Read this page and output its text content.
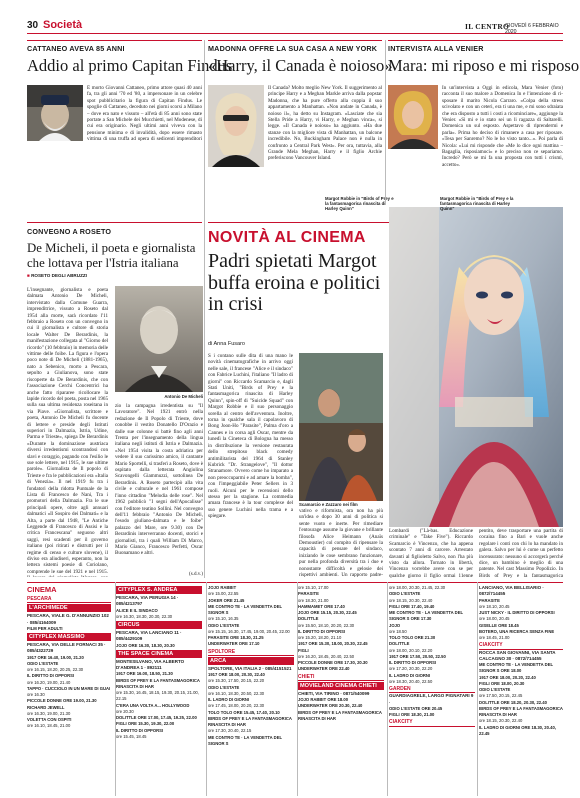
30 Società	IL CENTRO
GIOVEDÌ 6 FEBBRAIO 2020
CATTANEO AVEVA 85 ANNI
Addio al primo Capitan Findus
È morto Giovanni Cattaneo, primo attore quasi 40 anni fa, tra gli anni '70 ed '80, a impersonare in un celebre spot pubblicitario la figura di Capitan Findus. Le spoglie di Cattaneo, deceduto nei giorni scorsi a Milano – dove era nato e vissuto – all'età di 85 anni sono state portate a San Michele dei Mucchietti, nel Modenese, di cui era originario. Negli ultimi anni viveva con la pensione minima e di invalidità, dopo essere rimasto vittima di una truffa ad opera di sedicenti imprenditori
MADONNA OFFRE LA SUA CASA A NEW YORK
«Harry, il Canada è noioso»
Il Canada? Molto meglio New York. Il suggerimento al principe Harry e a Meghan Markle arriva dalla popstar Madonna, che ha pure offerto alla coppia il suo appartamento a Manhattan. «Non andate in Canada, è noioso il», ha detto su Instagram. «Lasciate che sia Stella Pride a Harry, vi Harry, e Meghan vinca», si legge. «Il Canada è noioso» ha aggiunto. «Ha due stanze con la migliore vista di Manhattan, un balcone incredibile. No, Buckingham Palace non è nulla in confronto a Central Park West». Per ora, tuttavia, alla Grande Mela Meghan, Harry e il figlio Archie preferiscono Vancouver Island.
INTERVISTA ALLA VENIER
Mara: mi riposo e mi risposo
In un'intervista a Oggi in edicola, Mara Venier (foto) racconta il suo malore a Domenica In e l'intenzione di ri-sposare il marito Nicola Carraro. «Colpa della stress scivolato e con un ceteri, era ti una me, e mi sono sdraiata che era disposto a tutti i costi a ricominciare», aggiunge la Venier. «Si mi e io stato sei un li ragazza di Saltarelli. Domenica un sul esposto. Aspettavo di riprendermi e parla». Prima ho deciso di rimanere a casa per riposare. «Tesa per Sanremo? No le ho visto tanto...». Poi parla di Nicola: «Lui mi risponde che «Me lo dice ogni mattina – Bagaglia, risposiamoci» e lo preciso non ce separiamo. Incredo? Però se mi fa una proposta con tutti i crismi, accetto».
CONVEGNO A ROSETO
De Micheli, il poeta e giornalista che lottava per l'Istria italiana
■ ROSETO DEGLI ABRUZZI
L'insegnante, giornalista e poeta dalmata Antonio De Micheli, intervistato dalla Comune Guarra, imprenditrice, vissuto a Roseto dal 1954 alla morte, sarà ricordato l'11 febbraio a Roseto con un convegno in cui il giornalista e cultore di storia locale Walter De Berardinis, la manifestazione collegata al "Giorno del ricordo" (10 febbraio) in memoria delle vittime delle foibe. La figura e l'opera poco note di De Micheli (1881-1965), nato a Sebenico, morto a Pescara, sepolto a Giulianova, sono state riscoperte da De Berardinis, che con l'associazione Cerchi Concentrici ha anche fatto ripararee ricollocare la lapide ricordo del poeta, posta nel 1965 sulla sua ultima residenza roseitana in via Piave. «Giornalista, scrittore e poeta, Antonio De Micheli fu docente di lettere e preside degli Istituti superiori in Dalmazia, Istria, Udine, Parma e Trieste», spiega De Berardinis «Durante la dominazione austriaca diversi irredentismi scontrandosi con slavi e coraggio, pagando con l'esilio le sue sole lettere, nel 1915, le sue ultime parole». Giornalista de Il popolo di Trieste e fra le pubblicazioni era «Italia di Venezia». Il nel 1919 fu tra i fondatori della ridotta Puntuale de la Lista di Francesco de Nani, Tra i promotori della Dalmazia. Fra le sue principali opere, oltre agli annuari dalmatici «Il Sospiro dei Dalmati» e la Alta, a parte dal 1948, "Le Antiche Leggende di Francesco di Assisi e la critica Francescana" seguono altri saggi, resi scadenti per il governo italiano (poi ritirati e distrutti per il regime di censo e culture slovene), il diviso era aliudiseri, esperanto, non la lettera sistemi poesie di Coriolano, comprende le sue del 1921 e nel 1915.
Antonio De Micheli
zio la campagna irredentista su "Il Lavoratore". Nel 1921 entrò nella redazione de Il Popolo di Trieste, dove conobbe il vestito Donatello D'Orazio e dalle sue colonne si battè fino agli anni Trenta per l'insegnamento della lingua italiana negli istituti di Istria e Dalmazia. «Nel 1954 visita la costa adriatica per vedere il suo carissimo amico, il cantante Mario Sportelli, si trasferì a Roseto, dove è ospitato dalla letterata Angiolina Scavongelli Giammuzzi, sottolinea De Berardinis. A Roseto partecipò alla vita civile e culturale e nel 1961 compose l'inno cittadino "Melodia delle rose". Nel 1962 pubblicò "I segni dell'Apocalisse" con l'editore teatino Sollini. Nel convegno dell'11 febbraio "Antonio De Micheli, l'esodo giuliano-dalmata e le foibe" palazzo del Mare, ore 9.30) con De Berardinis interverranno docenti, storici e giornalisti, tra i quali William Di Marco, Mario Gianco, Francesco Perfetti, Oscar Buonamano e altri.
(s.d.v.)
Margot Robbie in "Birds of Prey e la fantasmagorica rinascita di Harley Quinn"
NOVITÀ AL CINEMA
Padri spietati Margot buffa eroina e politici in crisi
di Anna Fusaro
S i contano sulle dita di una mano le novità cinematografiche in arrivo oggi nelle sale, il francese "Alice e il sindaco" con Fabrice Luchini, l'italiano "Il ladro di giorni" con Riccardo Scamarcio e, dagli Stati Uniti, "Birds of Prey e la fantasmagorica rinascita di Harley Quinn", spin-off di "Suicide Squad" con Margot Robbie e il suo personaggio sorella al centro dell'avventura. Inoltre, torna in qualche sala il capolavoro di Bong Joon-Ho "Parasite", Palma d'oro a Cannes e in corsa agli Oscar, mentre da lunedì la Cineteca di Bologna ha messo in distribuzione la versione restaurata dello strepitoso black comedy antimilitarista del 1964 di Stanley Kubrick "Dr. Strangelove", "Il dottor Stranamore. Ovvero come ho imparato a non preoccuparmi e ad amare la bomba", con l'impeggiabile Peter Sellers in 3 ruoli. Alcuni per le recensioni dello stesso per la stagione. La commedia amara francese è la tour complexe del suo genere Luchini nella trama e a spiegare.
vativo e riformista, ora non ha più un'idea e dopo 30 anni di politica si sente vuoto e inerte. Per rimediare l'entourage assume la giovane e brillante filosofa Alice Heimann (Anaïs Demoustier) col compito di ripensare la capacità di pensare del sindaco, iniziando le cose sembrano funzionare, pur nella profonda diversità tra i due e nonostante difficoltà e gelosie dei rispettivi ambienti. Un rapporto padre-
Lombardi ("Là-bas. Educazione criminale" e "Take Five"). Riccardo Scamarcio è Vincenzo, che ha appena scontato 7 anni di carcere. Arrestato davanti al figlioletto Salvo, non l'ha più visto da allora. Tornato in libertà, Vincenzo vorrebbe avere con se per qualche giorno il figlio ormai 11enne
pentito, deve trasportare una partita di cocaina fino a Bari e vuole anche regolare i conti con chi lo ha mandato in galera. Salvo per lui è come un perfetto incensurato: nessuno si accorgerà perché dice, un bambino è meglio di una patente. Nel cast Massimo Popolizio. In Birds of Prey e la fantasmagorica
Scamarcio e Zazzaro nei film
Margot Robbie in "Birds of Prey e la fantasmagorica rinascita di Harley Quinn"
CINEMA
PESCARA
L'ARCHIMEDE
PESCARA, VIALE G. D'ANNUNZIO 102 · 085/4164009
FILM PER ADULTI
CITYPLEX MASSIMO
PESCARA, VIA DELLE FORNACI 35 · 085/4322729
1917 ORE 16.40, 19.00, 21.20
ODIO L'ESTATE
ore 16.15, 18.20, 20.25, 22.30
IL DIRITTO DI OPPORSI
ore 16.20, 19.00, 21.40
TAPPO · CUCCIOLO IN UN MARE DI GUAI
ore 16.30
PICCOLE DONNE ORE 19.00, 21.30
RICHARD JEWELL
ore 16.30, 19.00, 21.30
VOLETTA CON OSPITI
ore 16.10, 18.45, 21.00
CITYPLEX S. ANDREA
PESCARA, VIA PERUGIA 14 · 085/4213797
ALICE E IL SINDACO
ore 16.30, 18.30, 20.30, 22.30
CIRCUS
PESCARA, VIA LANCIANO 11 · 085/4429109
JOJO ORE 16.30, 18.30, 20.30
THE SPACE CINEMA
MONTESILVANO, VIA ALBERTO D'ANDREA 1 · 892111
1917 ORE 16.00, 18.50, 21.30
BIRDS OF PREY E LA FANTASMAGORICA RINASCITA DI HAR
ore 15.30, 16.45, 18.15, 19.30, 20.15, 21.00, 22.15
C'ERA UNA VOLTA A... HOLLYWOOD
ore 20.30
DOLITTLE ORE 17.00, 17.45, 19.25, 22.00
FIGLI ORE 15.30, 19.30, 22.00
IL DIRITTO DI OPPORSI
ore 15.45, 18.45
JOJO RABBIT
ore 15.00, 22.55
JOKER ORE 21.45
ME CONTRO TE · LA VENDETTA DEL SIGNOR S
ore 15.10, 16.35
ODIO L'ESTATE
ore 15.15, 16.30, 17.45, 19.00, 20.45, 22.00
PARASITE ORE 18.30, 21.25
UNDERWATER ORE 17.10
SPOLTORE
ARCA
SPOLTORE, VIA ITALIA 2 · 085/4151521
1917 ORE 18.00, 20.30, 22.40
ore 15.30, 17.50, 20.15, 22.20
ODIO L'ESTATE
ore 16.10, 18.30, 20.50, 22.30
IL LADRO DI GIORNI
ore 17.45, 18.00, 20.20, 22.30
TOLO TOLO ORE 15.45, 17.40, 20.10
BIRDS OF PREY E LA FANTASMAGORICA RINASCITA DI HAR
ore 17.30, 20.40, 22.15
ME CONTRO TE · LA VENDETTA DEL SIGNOR S
ore 15.10, 17.00
PARASITE
ore 18.30, 21.00
HAMMAMET ORE 17.40
JOJO ORE 15.15, 20.30, 22.45
DOLITTLE
ore 15.50, 18.10, 20.20, 22.30
IL DIRITTO DI OPPORSI
ore 15.20, 18.20, 21.10
1917 ORE 15.30, 18.00, 20.30, 22.45
FIGLI
ore 16.20, 18.45, 20.40, 22.50
PICCOLE DONNE ORE 17.30, 20.30
UNDERWATER ORE 22.40
CHIETI
MOVIELAND CINEMA CHIETI
CHIETI, VIA TIRINO · 0871/540099
JOJO RABBIT ORE 18.00
UNDERWATER ORE 20.30, 22.40
BIRDS OF PREY E LA FANTASMAGORICA RINASCITA DI HAR
ore 18.00, 20.30, 21.45, 22.30
ODIO L'ESTATE
ore 18.15, 20.30, 22.40
FIGLI ORE 17.40, 19.40
ME CONTRO TE · LA VENDETTA DEL SIGNOR S ORE 17.30
JOJO
ore 18.50
TOLO TOLO ORE 21.30
DOLITTLE
ore 18.00, 20.10, 22.20
1917 ORE 17.50, 20.50, 22.50
IL DIRITTO DI OPPORSI
ore 17.20, 20.30, 22.20
IL LADRO DI GIORNI
ore 18.30, 20.40, 22.50
GARDEN
GUARDIAGRELE, LARGO PIGNATARI 9 ·
ODIO L'ESTATE ORE 20.45
FIGLI ORE 18.30, 21.00
CIAKCITY
LANCIANO, VIA BELLISARIO · 0872/714455
PARASITE
ore 18.10, 20.45
JUST NICKY · IL DIRITTO DI OPPORSI
ore 18.00, 20.45
GISELLE ORE 18.45
BOTERO, UNA RICERCA SENZA FINE
ore 18.45, 21.00
CIAKCITY
ROCCA SAN GIOVANNI, VIA SANTA CALCAGNO 30 · 0872/714455
ME CONTRO TE · LA VENDETTA DEL SIGNOR S ORE 18.00
1917 ORE 18.00, 20.20, 22.40
FIGLI ORE 18.00, 20.30
ODIO L'ESTATE
ore 17.50, 20.15, 22.45
DOLITTLE ORE 18.20, 20.30, 22.40
BIRDS OF PREY E LA FANTASMAGORICA RINASCITA DI HAR
ore 18.15, 20.30, 22.40
IL LADRO DI GIORNI ORE 18.30, 20.40, 22.45
